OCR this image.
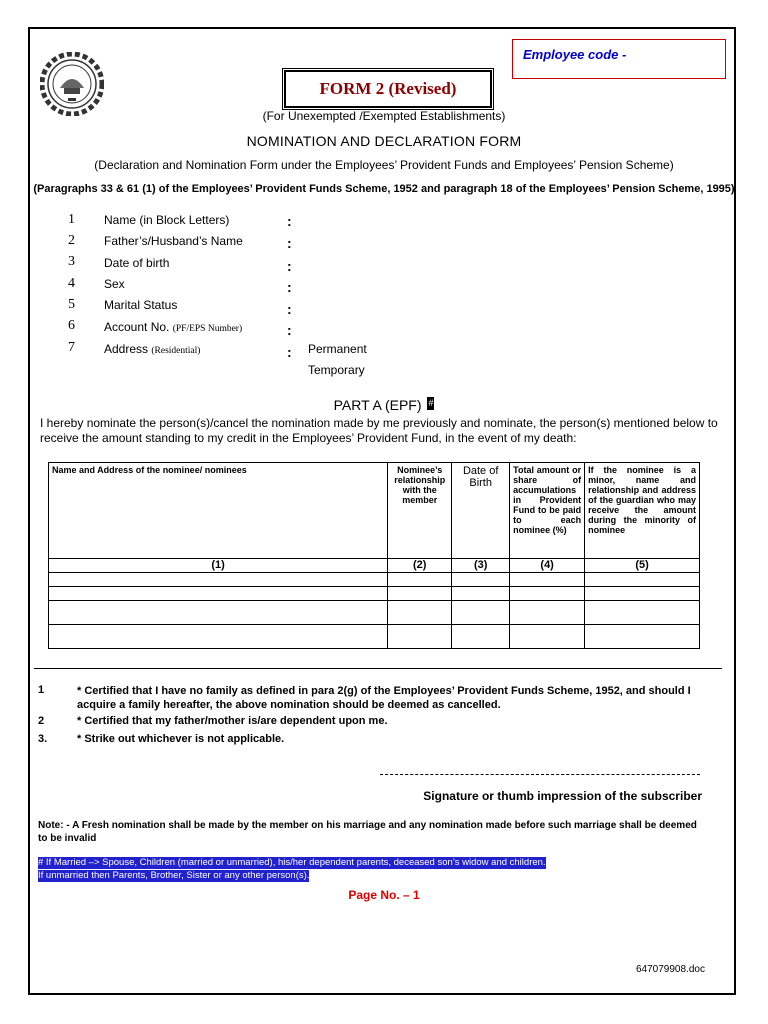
Employee code -
FORM 2 (Revised)
(For Unexempted /Exempted Establishments)
NOMINATION AND DECLARATION FORM
(Declaration and Nomination Form under the Employees’ Provident Funds and Employees’ Pension Scheme)
(Paragraphs 33 & 61 (1) of the Employees’ Provident Funds Scheme, 1952 and paragraph 18 of the Employees’ Pension Scheme, 1995)
1 Name (in Block Letters)	:
2 Father’s/Husband’s Name	:
3 Date of birth	:
4 Sex	:
5 Marital Status	:
6 Account No. (PF/EPS Number)	:
7 Address (Residential)	: Permanent
Temporary
PART A (EPF) #
I hereby nominate the person(s)/cancel the nomination made by me previously and nominate, the person(s) mentioned below to receive the amount standing to my credit in the Employees’ Provident Fund, in the event of my death:
Name and Address of the nominee/ nominees	Nominee’s relationship with the member	Date of Birth	Total amount or share of accumulations in Provident Fund to be paid to each nominee (%)	If the nominee is a minor, name and relationship and address of the guardian who may receive the amount during the minority of nominee
(1)	(2)	(3)	(4)	(5)

1	* Certified that I have no family as defined in para 2(g) of the Employees’ Provident Funds Scheme, 1952, and should I acquire a family hereafter, the above nomination should be deemed as cancelled.
2	* Certified that my father/mother is/are dependent upon me.
3.	* Strike out whichever is not applicable.
Signature or thumb impression of the subscriber
Note: - A Fresh nomination shall be made by the member on his marriage and any nomination made before such marriage shall be deemed to be invalid
# If Married –> Spouse, Children (married or unmarried), his/her dependent parents, deceased son’s widow and children.
If unmarried then Parents, Brother, Sister or any other person(s).
Page No. – 1
647079908.doc
